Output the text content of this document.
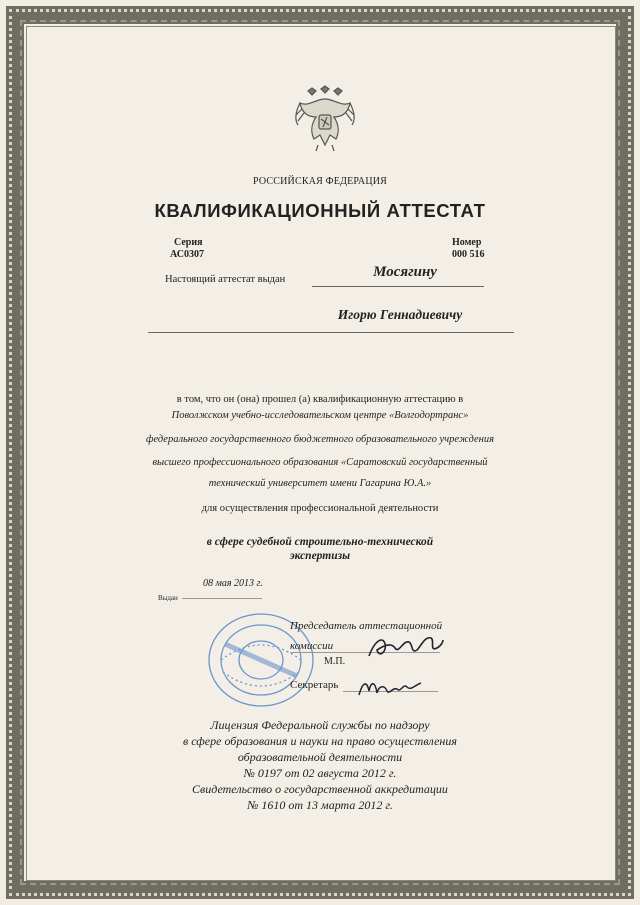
РОССИЙСКАЯ ФЕДЕРАЦИЯ
КВАЛИФИКАЦИОННЫЙ АТТЕСТАТ
Серия
АС0307
Номер
000 516
Настоящий аттестат выдан	Мосягину
Игорю Геннадиевичу
в том, что он (она) прошел (а) квалификационную аттестацию в
Поволжском учебно-исследовательском центре «Волгодортранс»
федерального государственного бюджетного образовательного учреждения
высшего профессионального образования «Саратовский государственный
технический университет имени Гагарина Ю.А.»
для осуществления профессиональной деятельности
в сфере судебной строительно-технической
экспертизы
08 мая 2013 г.
Выдан
Председатель аттестационной
комиссии
М.П.
Секретарь
Лицензия Федеральной службы по надзору
в сфере образования и науки на право осуществления
образовательной деятельности
№ 0197 от 02 августа 2012 г.
Свидетельство о государственной аккредитации
№ 1610 от 13 марта 2012 г.
